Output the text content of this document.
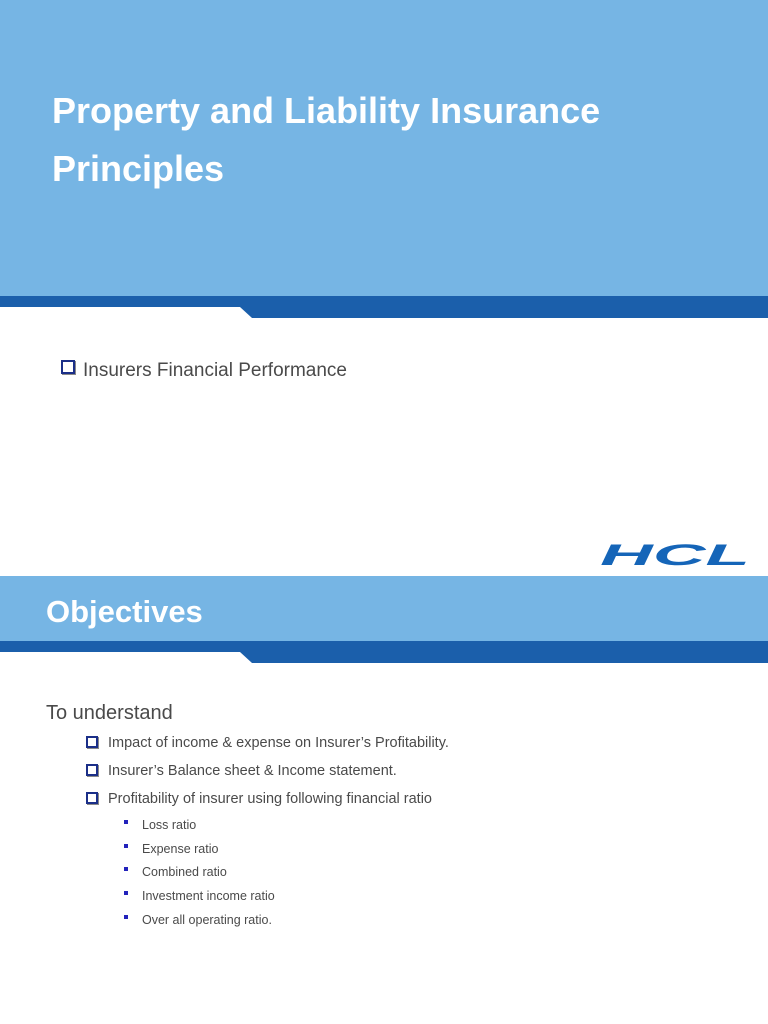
Property and Liability Insurance Principles
Insurers Financial Performance
HCL
Objectives
To understand
Impact of income & expense on Insurer’s Profitability.
Insurer’s Balance sheet & Income statement.
Profitability of insurer using following financial ratio
Loss ratio
Expense ratio
Combined ratio
Investment income ratio
Over all operating ratio.
